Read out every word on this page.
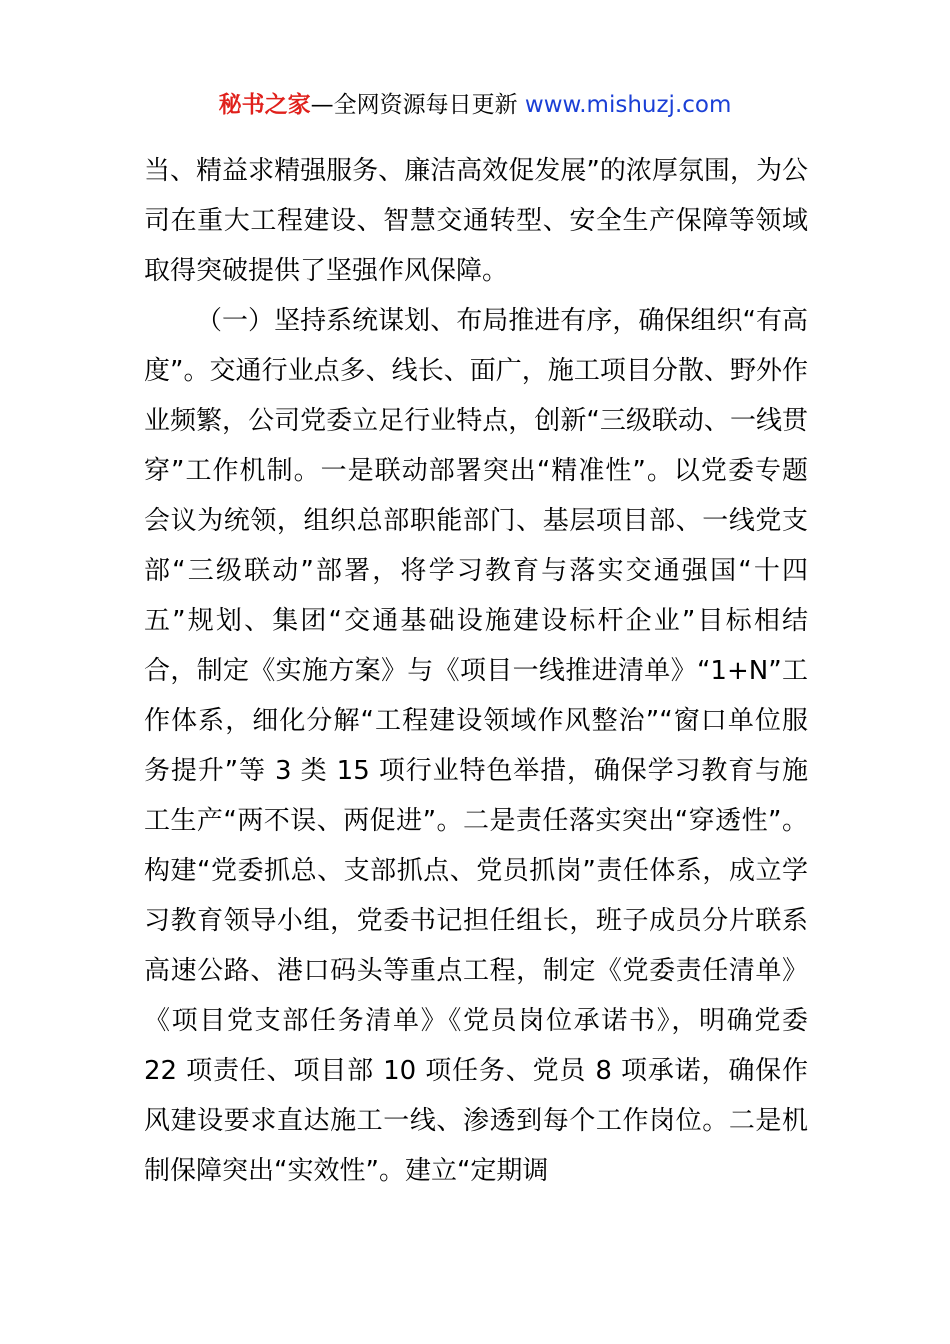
秘书之家—全网资源每日更新 www.mishuzj.com

当、精益求精强服务、廉洁高效促发展”的浓厚氛围，为公司在重大工程建设、智慧交通转型、安全生产保障等领域取得突破提供了坚强作风保障。

（一）坚持系统谋划、布局推进有序，确保组织“有高度”。交通行业点多、线长、面广，施工项目分散、野外作业频繁，公司党委立足行业特点，创新“三级联动、一线贯穿”工作机制。一是联动部署突出“精准性”。以党委专题会议为统领，组织总部职能部门、基层项目部、一线党支部“三级联动”部署，将学习教育与落实交通强国“十四五”规划、集团“交通基础设施建设标杆企业”目标相结合，制定《实施方案》与《项目一线推进清单》“1+N”工作体系，细化分解“工程建设领域作风整治”“窗口单位服务提升”等 3 类 15 项行业特色举措，确保学习教育与施工生产“两不误、两促进”。二是责任落实突出“穿透性”。构建“党委抓总、支部抓点、党员抓岗”责任体系，成立学习教育领导小组，党委书记担任组长，班子成员分片联系高速公路、港口码头等重点工程，制定《党委责任清单》《项目党支部任务清单》《党员岗位承诺书》，明确党委 22 项责任、项目部 10 项任务、党员 8 项承诺，确保作风建设要求直达施工一线、渗透到每个工作岗位。二是机制保障突出“实效性”。建立“定期调
